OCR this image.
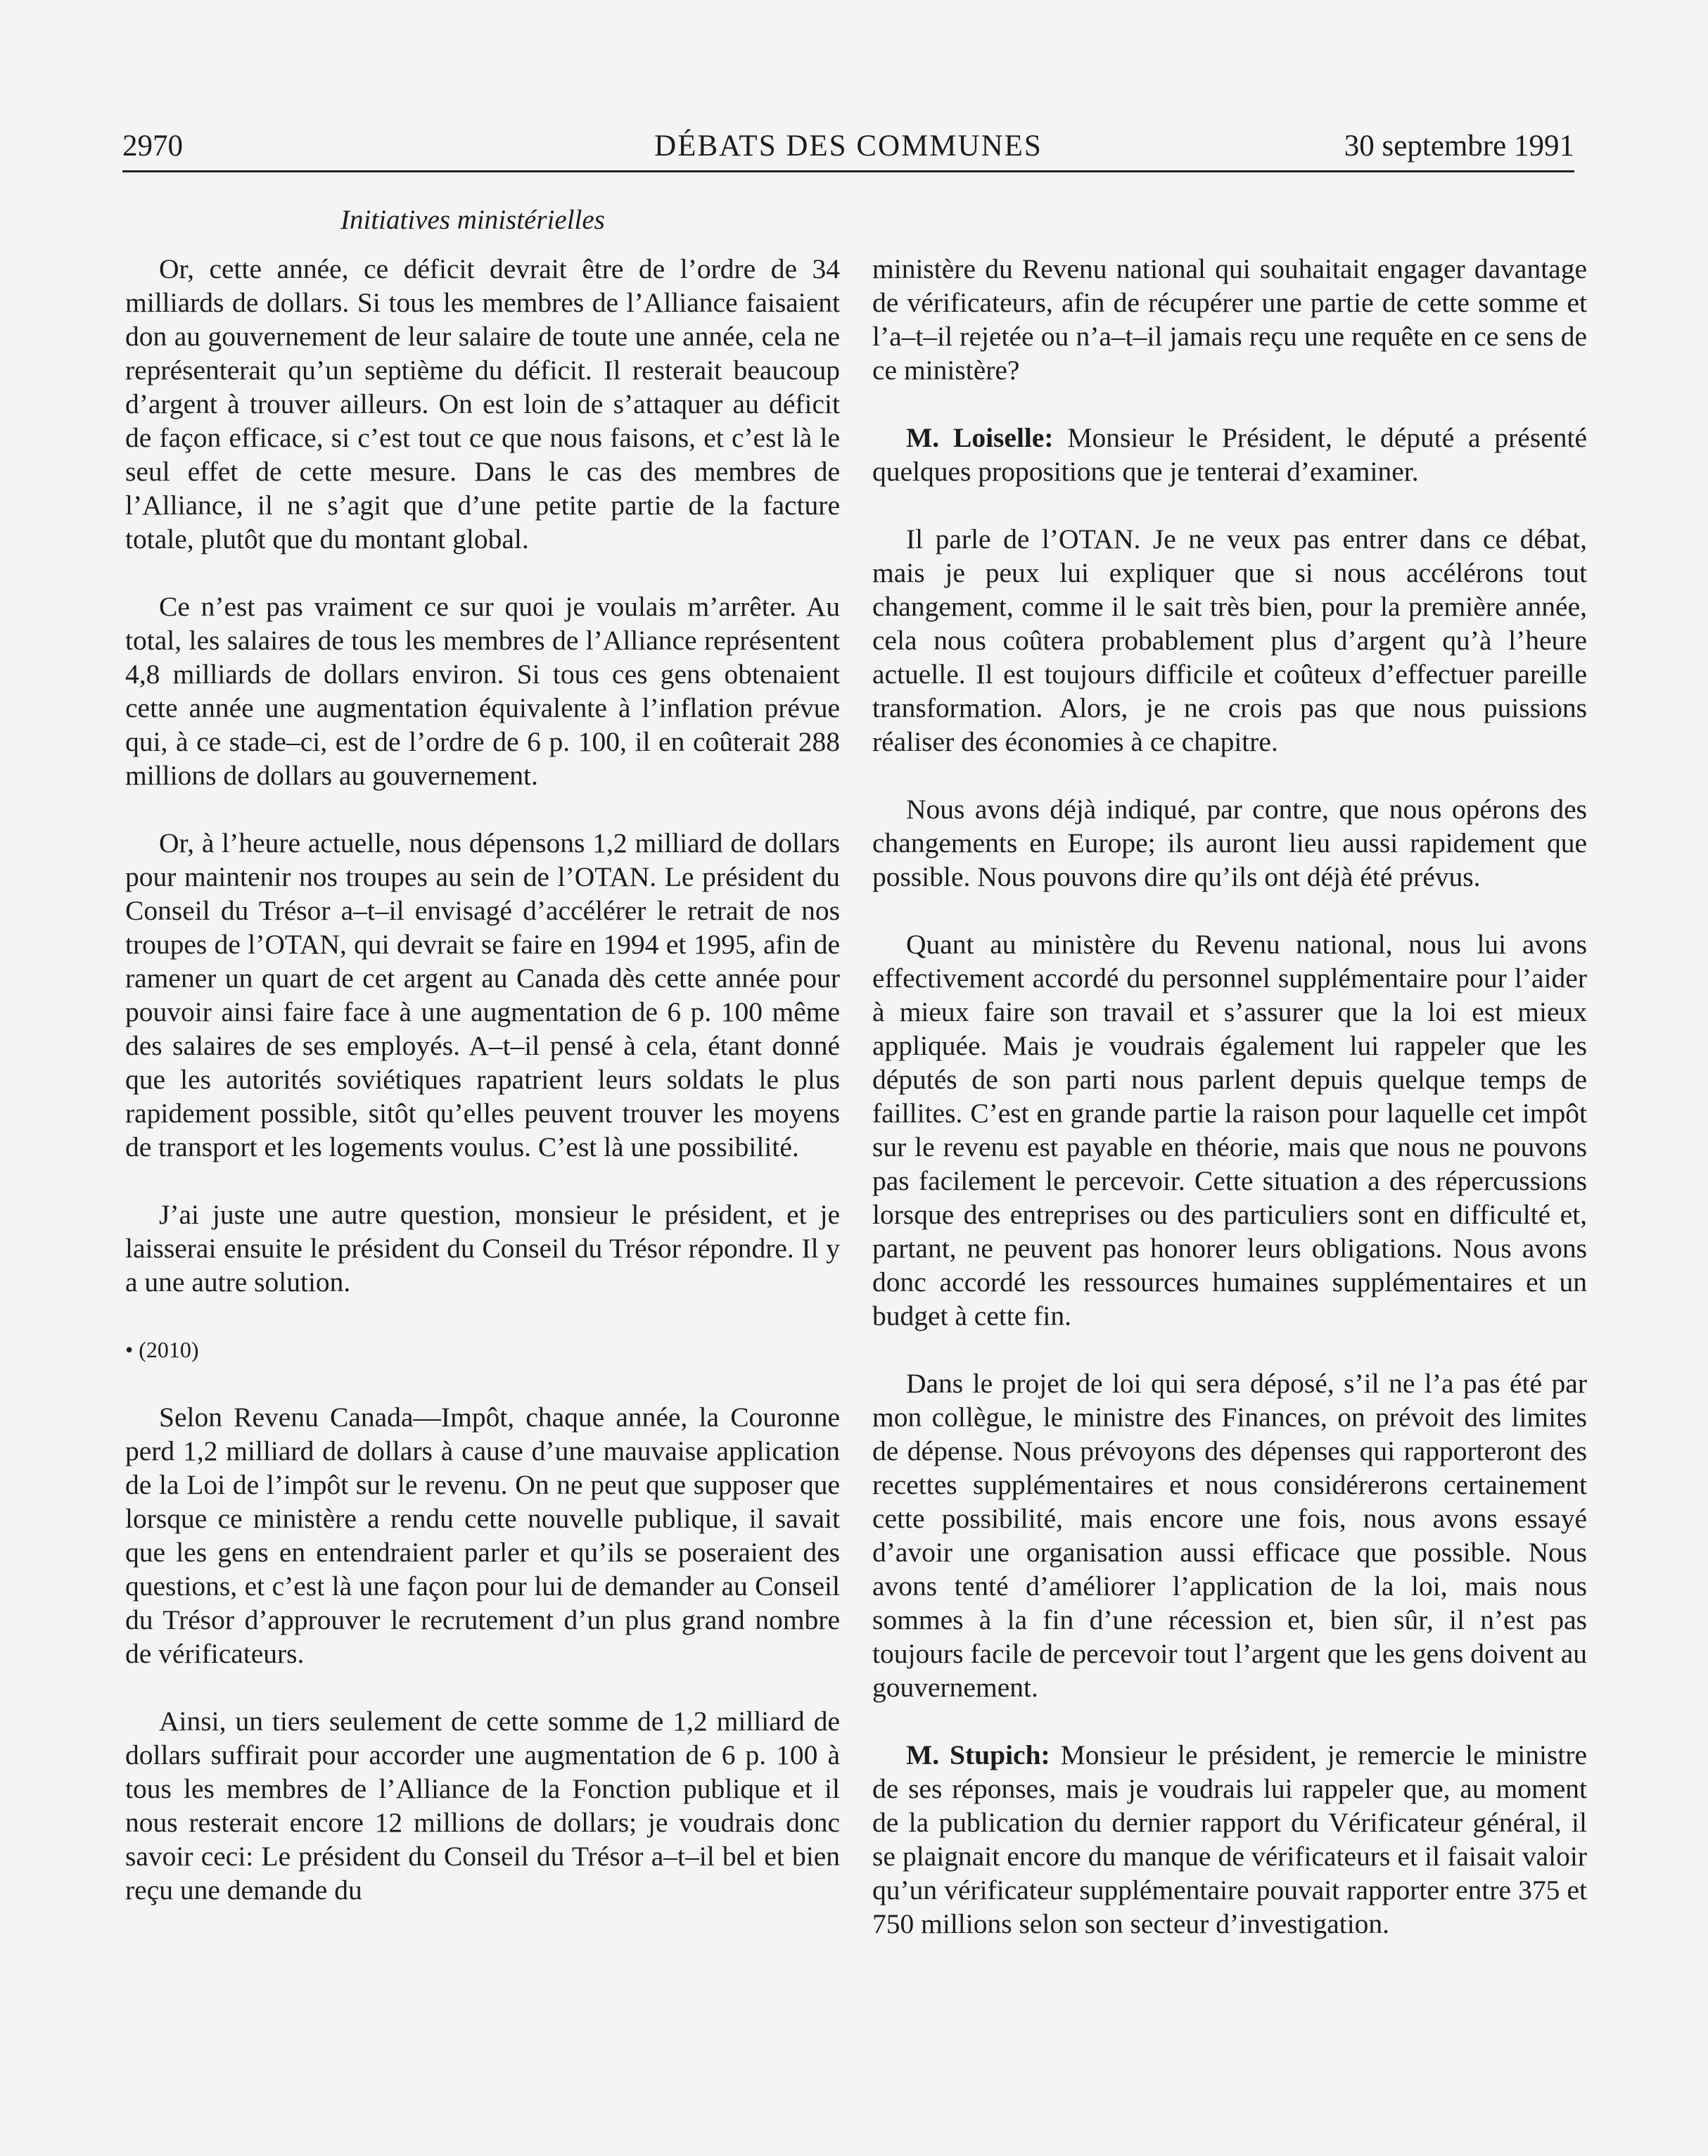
2970	DÉBATS DES COMMUNES	30 septembre 1991
Initiatives ministérielles

Or, cette année, ce déficit devrait être de l’ordre de 34 milliards de dollars. Si tous les membres de l’Alliance faisaient don au gouvernement de leur salaire de toute une année, cela ne représenterait qu’un septième du déficit. Il resterait beaucoup d’argent à trouver ailleurs. On est loin de s’attaquer au déficit de façon efficace, si c’est tout ce que nous faisons, et c’est là le seul effet de cette mesure. Dans le cas des membres de l’Alliance, il ne s’agit que d’une petite partie de la facture totale, plutôt que du montant global.

Ce n’est pas vraiment ce sur quoi je voulais m’arrêter. Au total, les salaires de tous les membres de l’Alliance représentent 4,8 milliards de dollars environ. Si tous ces gens obtenaient cette année une augmentation équivalente à l’inflation prévue qui, à ce stade–ci, est de l’ordre de 6 p. 100, il en coûterait 288 millions de dollars au gouvernement.

Or, à l’heure actuelle, nous dépensons 1,2 milliard de dollars pour maintenir nos troupes au sein de l’OTAN. Le président du Conseil du Trésor a–t–il envisagé d’accélérer le retrait de nos troupes de l’OTAN, qui devrait se faire en 1994 et 1995, afin de ramener un quart de cet argent au Canada dès cette année pour pouvoir ainsi faire face à une augmentation de 6 p. 100 même des salaires de ses employés. A–t–il pensé à cela, étant donné que les autorités soviétiques rapatrient leurs soldats le plus rapidement possible, sitôt qu’elles peuvent trouver les moyens de transport et les logements voulus. C’est là une possibilité.

J’ai juste une autre question, monsieur le président, et je laisserai ensuite le président du Conseil du Trésor répondre. Il y a une autre solution.

• (2010)

Selon Revenu Canada—Impôt, chaque année, la Couronne perd 1,2 milliard de dollars à cause d’une mauvaise application de la Loi de l’impôt sur le revenu. On ne peut que supposer que lorsque ce ministère a rendu cette nouvelle publique, il savait que les gens en entendraient parler et qu’ils se poseraient des questions, et c’est là une façon pour lui de demander au Conseil du Trésor d’approuver le recrutement d’un plus grand nombre de vérificateurs.

Ainsi, un tiers seulement de cette somme de 1,2 milliard de dollars suffirait pour accorder une augmentation de 6 p. 100 à tous les membres de l’Alliance de la Fonction publique et il nous resterait encore 12 millions de dollars; je voudrais donc savoir ceci: Le président du Conseil du Trésor a–t–il bel et bien reçu une demande du

ministère du Revenu national qui souhaitait engager davantage de vérificateurs, afin de récupérer une partie de cette somme et l’a–t–il rejetée ou n’a–t–il jamais reçu une requête en ce sens de ce ministère?

M. Loiselle: Monsieur le Président, le député a présenté quelques propositions que je tenterai d’examiner.

Il parle de l’OTAN. Je ne veux pas entrer dans ce débat, mais je peux lui expliquer que si nous accélérons tout changement, comme il le sait très bien, pour la première année, cela nous coûtera probablement plus d’argent qu’à l’heure actuelle. Il est toujours difficile et coûteux d’effectuer pareille transformation. Alors, je ne crois pas que nous puissions réaliser des économies à ce chapitre.

Nous avons déjà indiqué, par contre, que nous opérons des changements en Europe; ils auront lieu aussi rapidement que possible. Nous pouvons dire qu’ils ont déjà été prévus.

Quant au ministère du Revenu national, nous lui avons effectivement accordé du personnel supplémentaire pour l’aider à mieux faire son travail et s’assurer que la loi est mieux appliquée. Mais je voudrais également lui rappeler que les députés de son parti nous parlent depuis quelque temps de faillites. C’est en grande partie la raison pour laquelle cet impôt sur le revenu est payable en théorie, mais que nous ne pouvons pas facilement le percevoir. Cette situation a des répercussions lorsque des entreprises ou des particuliers sont en difficulté et, partant, ne peuvent pas honorer leurs obligations. Nous avons donc accordé les ressources humaines supplémentaires et un budget à cette fin.

Dans le projet de loi qui sera déposé, s’il ne l’a pas été par mon collègue, le ministre des Finances, on prévoit des limites de dépense. Nous prévoyons des dépenses qui rapporteront des recettes supplémentaires et nous considérerons certainement cette possibilité, mais encore une fois, nous avons essayé d’avoir une organisation aussi efficace que possible. Nous avons tenté d’améliorer l’application de la loi, mais nous sommes à la fin d’une récession et, bien sûr, il n’est pas toujours facile de percevoir tout l’argent que les gens doivent au gouvernement.

M. Stupich: Monsieur le président, je remercie le ministre de ses réponses, mais je voudrais lui rappeler que, au moment de la publication du dernier rapport du Vérificateur général, il se plaignait encore du manque de vérificateurs et il faisait valoir qu’un vérificateur supplémentaire pouvait rapporter entre 375 et 750 millions selon son secteur d’investigation.
